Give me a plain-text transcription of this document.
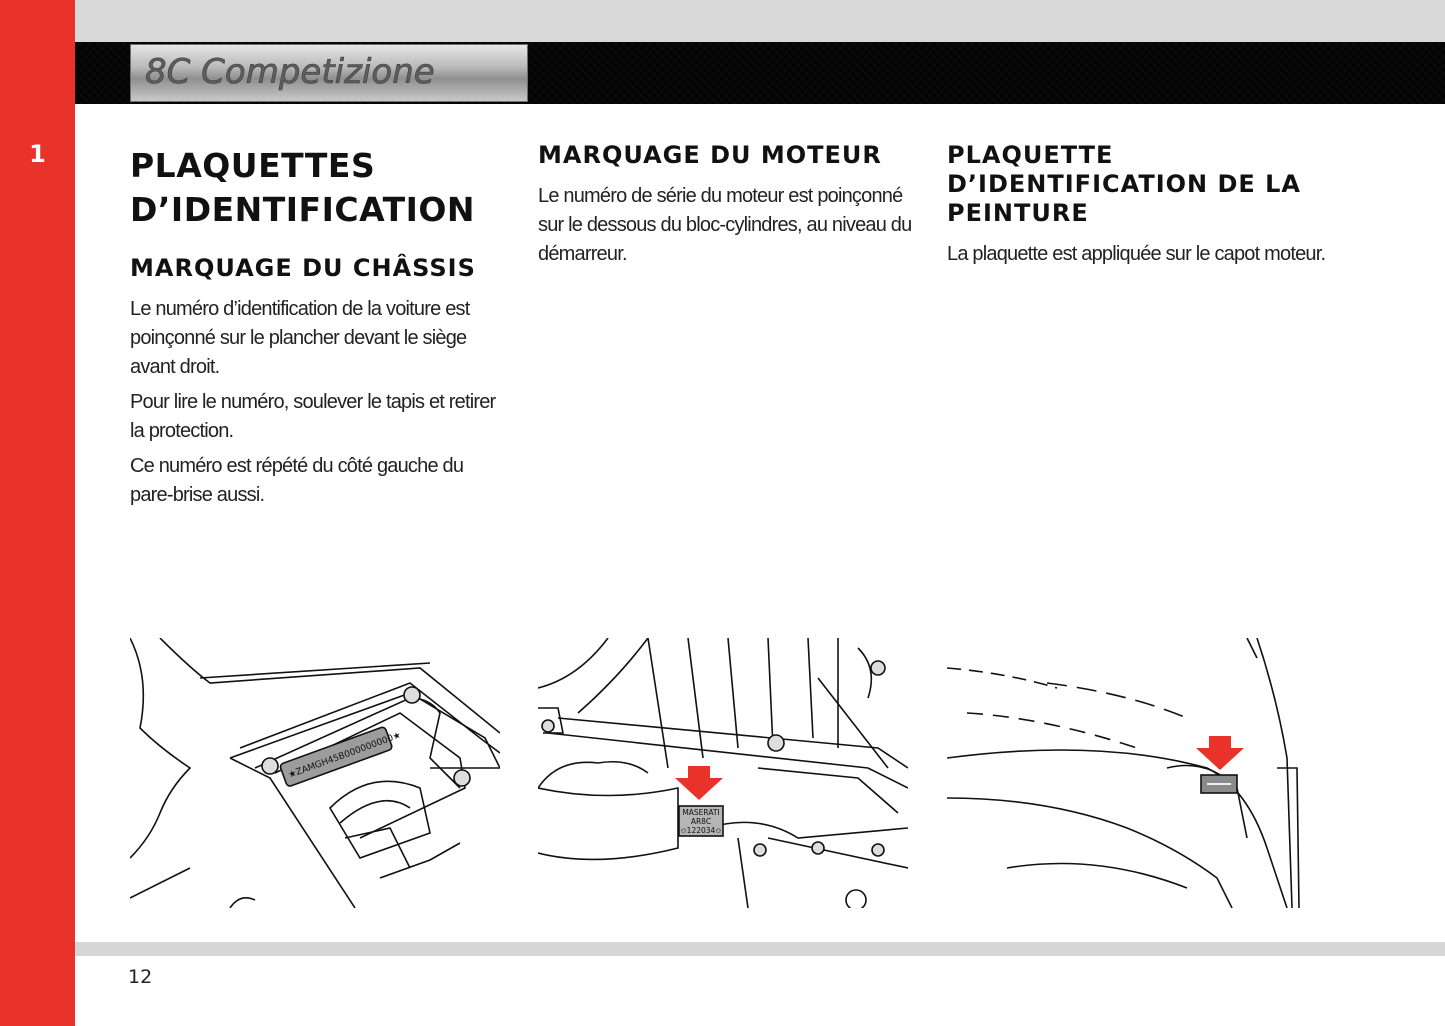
1
8C Competizione
PLAQUETTES D’IDENTIFICATION
MARQUAGE DU CHÂSSIS

Le numéro d’identification de la voiture est poinçonné sur le plancher devant le siège avant droit.

Pour lire le numéro, soulever le tapis et retirer la protection.

Ce numéro est répété du côté gauche du pare-brise aussi.

MARQUAGE DU MOTEUR

Le numéro de série du moteur est poinçonné sur le dessous du bloc-cylindres, au niveau du démarreur.

PLAQUETTE D’IDENTIFICATION DE LA PEINTURE

La plaquette est appliquée sur le capot moteur.

★ZAMGH45B000000000★
MASERATI
AR8C
✩122034✩
12
